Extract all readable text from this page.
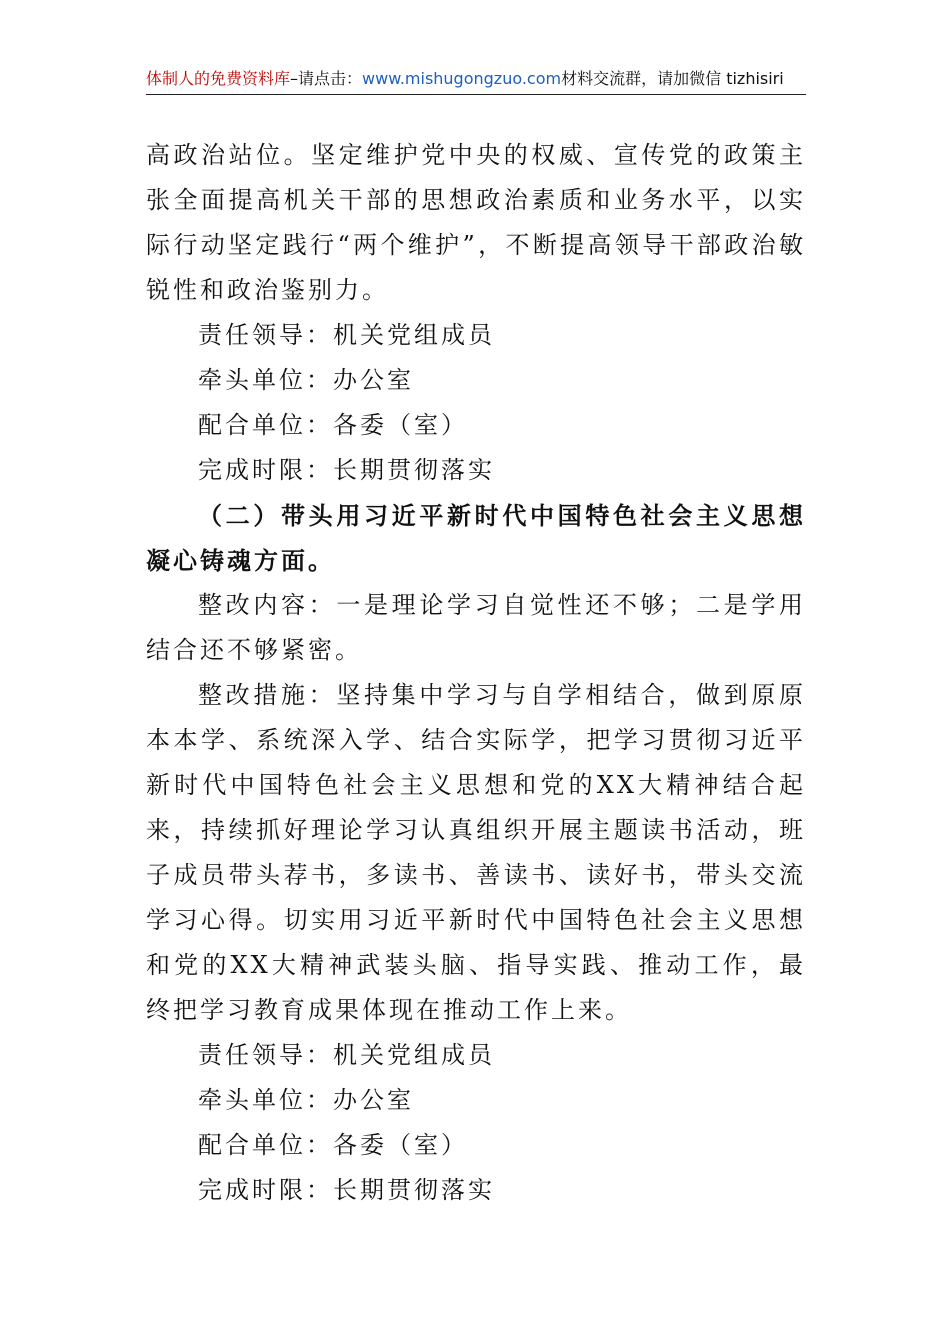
体制人的免费资料库–请点击：www.mishugongzuo.com材料交流群，请加微信 tizhisiri

高政治站位。坚定维护党中央的权威、宣传党的政策主张全面提高机关干部的思想政治素质和业务水平，以实际行动坚定践行“两个维护”，不断提高领导干部政治敏锐性和政治鉴别力。

责任领导：机关党组成员

牵头单位：办公室

配合单位：各委（室）

完成时限：长期贯彻落实

（二）带头用习近平新时代中国特色社会主义思想凝心铸魂方面。

整改内容：一是理论学习自觉性还不够；二是学用结合还不够紧密。

整改措施：坚持集中学习与自学相结合，做到原原本本学、系统深入学、结合实际学，把学习贯彻习近平新时代中国特色社会主义思想和党的XX大精神结合起来，持续抓好理论学习认真组织开展主题读书活动，班子成员带头荐书，多读书、善读书、读好书，带头交流学习心得。切实用习近平新时代中国特色社会主义思想和党的XX大精神武装头脑、指导实践、推动工作，最终把学习教育成果体现在推动工作上来。

责任领导：机关党组成员

牵头单位：办公室

配合单位：各委（室）

完成时限：长期贯彻落实
